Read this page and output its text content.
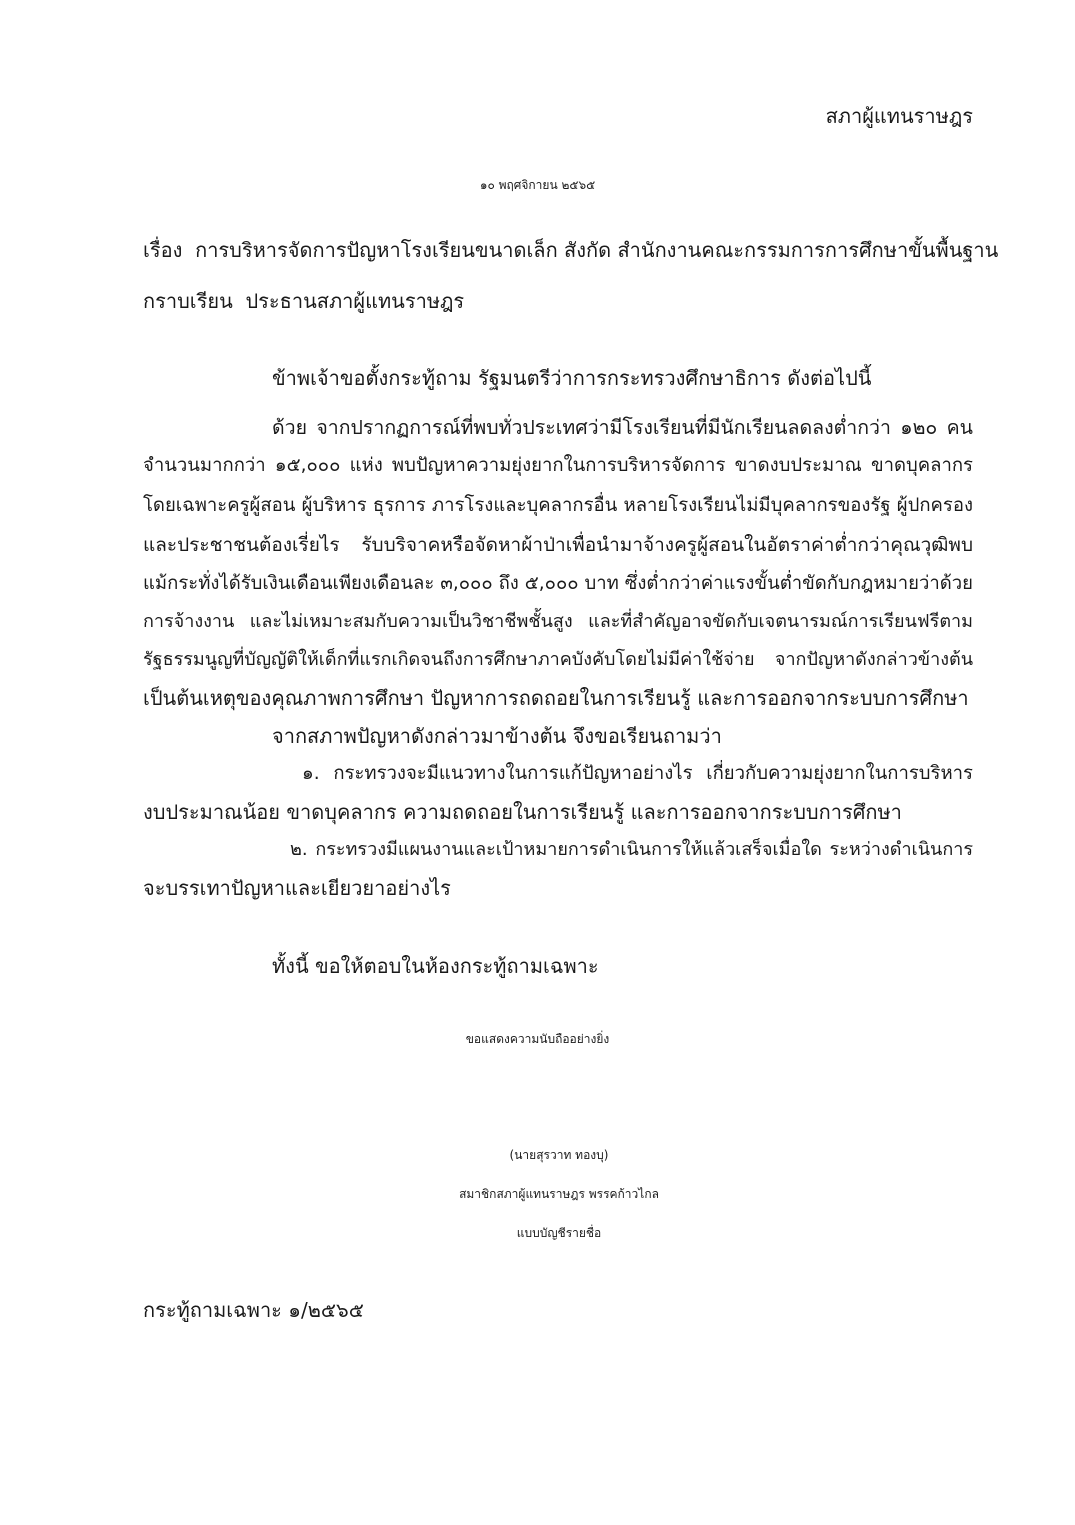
สภาผู้แทนราษฎร
๑๐ พฤศจิกายน ๒๕๖๕
เรื่อง การบริหารจัดการปัญหาโรงเรียนขนาดเล็ก สังกัด สำนักงานคณะกรรมการการศึกษาขั้นพื้นฐาน
กราบเรียน ประธานสภาผู้แทนราษฎร
ข้าพเจ้าขอตั้งกระทู้ถาม รัฐมนตรีว่าการกระทรวงศึกษาธิการ ดังต่อไปนี้
ด้วย จากปรากฏการณ์ที่พบทั่วประเทศว่ามีโรงเรียนที่มีนักเรียนลดลงต่ำกว่า ๑๒๐ คน
จำนวนมากกว่า ๑๕,๐๐๐ แห่ง พบปัญหาความยุ่งยากในการบริหารจัดการ ขาดงบประมาณ ขาดบุคลากร
โดยเฉพาะครูผู้สอน ผู้บริหาร ธุรการ ภารโรงและบุคลากรอื่น หลายโรงเรียนไม่มีบุคลากรของรัฐ ผู้ปกครอง
และประชาชนต้องเรี่ยไร รับบริจาคหรือจัดหาผ้าป่าเพื่อนำมาจ้างครูผู้สอนในอัตราค่าต่ำกว่าคุณวุฒิพบ
แม้กระทั่งได้รับเงินเดือนเพียงเดือนละ ๓,๐๐๐ ถึง ๕,๐๐๐ บาท ซึ่งต่ำกว่าค่าแรงขั้นต่ำขัดกับกฎหมายว่าด้วย
การจ้างงาน และไม่เหมาะสมกับความเป็นวิชาชีพชั้นสูง และที่สำคัญอาจขัดกับเจตนารมณ์การเรียนฟรีตาม
รัฐธรรมนูญที่บัญญัติให้เด็กที่แรกเกิดจนถึงการศึกษาภาคบังคับโดยไม่มีค่าใช้จ่าย จากปัญหาดังกล่าวข้างต้น
เป็นต้นเหตุของคุณภาพการศึกษา ปัญหาการถดถอยในการเรียนรู้ และการออกจากระบบการศึกษา
จากสภาพปัญหาดังกล่าวมาข้างต้น จึงขอเรียนถามว่า
๑. กระทรวงจะมีแนวทางในการแก้ปัญหาอย่างไร เกี่ยวกับความยุ่งยากในการบริหาร
งบประมาณน้อย ขาดบุคลากร ความถดถอยในการเรียนรู้ และการออกจากระบบการศึกษา
๒. กระทรวงมีแผนงานและเป้าหมายการดำเนินการให้แล้วเสร็จเมื่อใด ระหว่างดำเนินการ
จะบรรเทาปัญหาและเยียวยาอย่างไร
ทั้งนี้ ขอให้ตอบในห้องกระทู้ถามเฉพาะ
ขอแสดงความนับถืออย่างยิ่ง
(นายสุรวาท ทองบุ)
สมาชิกสภาผู้แทนราษฎร พรรคก้าวไกล
แบบบัญชีรายชื่อ
กระทู้ถามเฉพาะ ๑/๒๕๖๕
